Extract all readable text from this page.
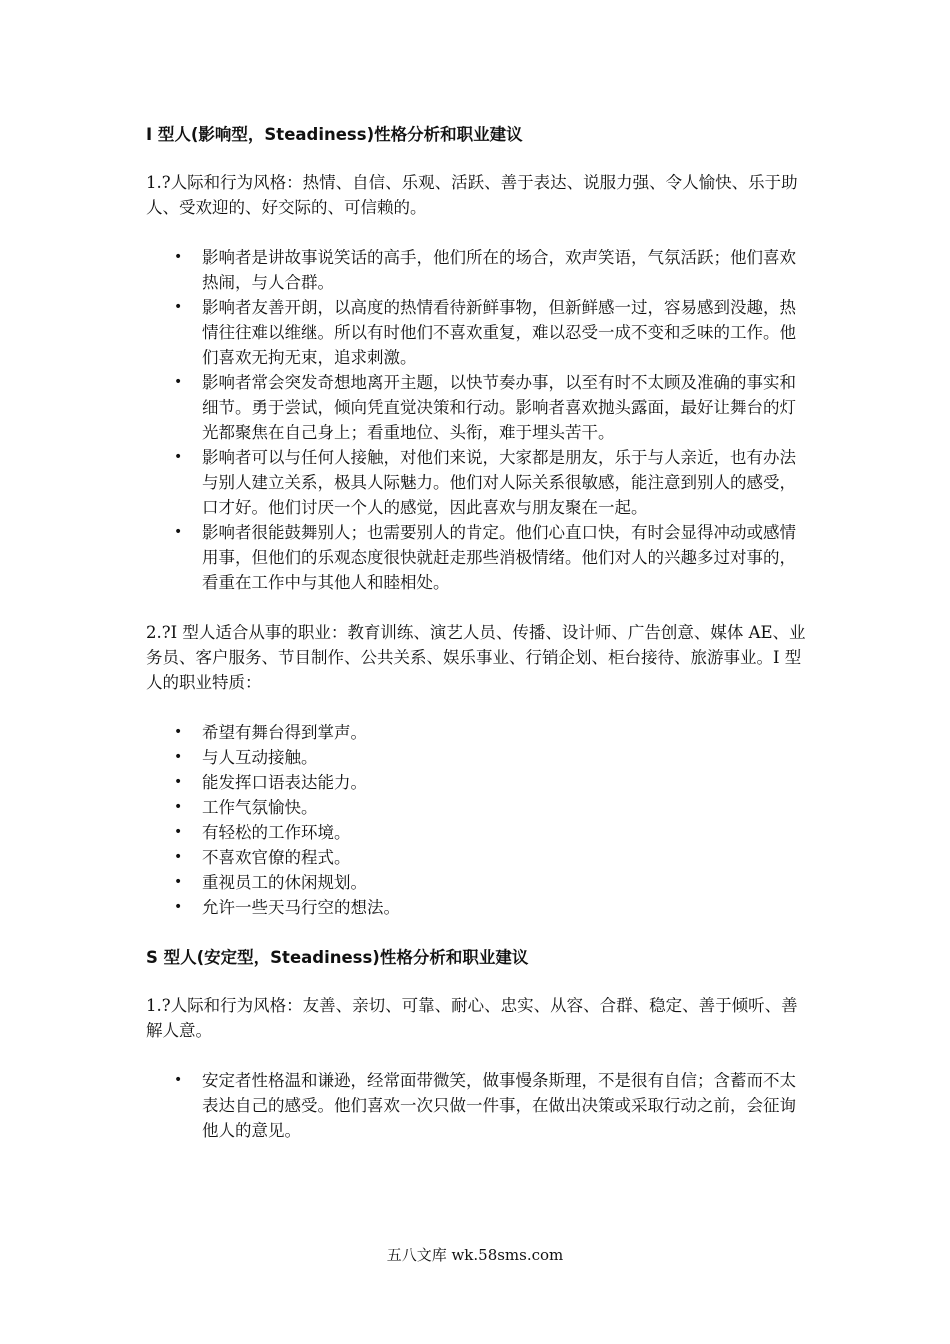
I 型人(影响型，Steadiness)性格分析和职业建议

1.?人际和行为风格：热情、自信、乐观、活跃、善于表达、说服力强、令人愉快、乐于助人、受欢迎的、好交际的、可信赖的。

• 影响者是讲故事说笑话的高手，他们所在的场合，欢声笑语，气氛活跃；他们喜欢热闹，与人合群。
• 影响者友善开朗，以高度的热情看待新鲜事物，但新鲜感一过，容易感到没趣，热情往往难以维继。所以有时他们不喜欢重复，难以忍受一成不变和乏味的工作。他们喜欢无拘无束，追求刺激。
• 影响者常会突发奇想地离开主题，以快节奏办事，以至有时不太顾及准确的事实和细节。勇于尝试，倾向凭直觉决策和行动。影响者喜欢抛头露面，最好让舞台的灯光都聚焦在自己身上；看重地位、头衔，难于埋头苦干。
• 影响者可以与任何人接触，对他们来说，大家都是朋友，乐于与人亲近，也有办法与别人建立关系，极具人际魅力。他们对人际关系很敏感，能注意到别人的感受，口才好。他们讨厌一个人的感觉，因此喜欢与朋友聚在一起。
• 影响者很能鼓舞别人；也需要别人的肯定。他们心直口快，有时会显得冲动或感情用事，但他们的乐观态度很快就赶走那些消极情绪。他们对人的兴趣多过对事的，看重在工作中与其他人和睦相处。

2.?I 型人适合从事的职业：教育训练、演艺人员、传播、设计师、广告创意、媒体 AE、业务员、客户服务、节目制作、公共关系、娱乐事业、行销企划、柜台接待、旅游事业。I 型人的职业特质：

• 希望有舞台得到掌声。
• 与人互动接触。
• 能发挥口语表达能力。
• 工作气氛愉快。
• 有轻松的工作环境。
• 不喜欢官僚的程式。
• 重视员工的休闲规划。
• 允许一些天马行空的想法。
S 型人(安定型，Steadiness)性格分析和职业建议

1.?人际和行为风格：友善、亲切、可靠、耐心、忠实、从容、合群、稳定、善于倾听、善解人意。

• 安定者性格温和谦逊，经常面带微笑，做事慢条斯理，不是很有自信；含蓄而不太表达自己的感受。他们喜欢一次只做一件事，在做出决策或采取行动之前，会征询他人的意见。
五八文库 wk.58sms.com
